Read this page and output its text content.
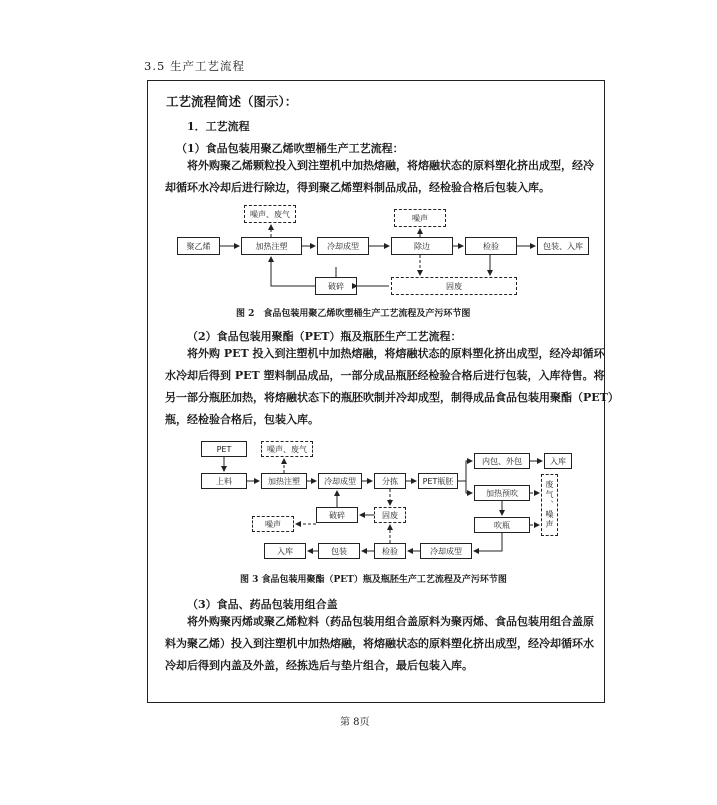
3.5 生产工艺流程
工艺流程简述（图示）：
1．工艺流程
（1）食品包装用聚乙烯吹塑桶生产工艺流程：
将外购聚乙烯颗粒投入到注塑机中加热熔融，将熔融状态的原料塑化挤出成型，经冷
却循环水冷却后进行除边，得到聚乙烯塑料制品成品，经检验合格后包装入库。
噪声、废气	噪声
聚乙烯	加热注塑	冷却成型	除边	检验	包装、入库
破碎	固废
图 2　食品包装用聚乙烯吹塑桶生产工艺流程及产污环节图
（2）食品包装用聚酯（PET）瓶及瓶胚生产工艺流程：
将外购 PET 投入到注塑机中加热熔融，将熔融状态的原料塑化挤出成型，经冷却循环
水冷却后得到 PET 塑料制品成品，一部分成品瓶胚经检验合格后进行包装，入库待售。将
另一部分瓶胚加热，将熔融状态下的瓶胚吹制并冷却成型，制得成品食品包装用聚酯（PET）
瓶，经检验合格后，包装入库。
PET	噪声、废气
内包、外包	入库
上料	加热注塑	冷却成型	分拣	PET瓶胚
加热预吹	废气、噪声
破碎	固废
噪声	吹瓶
入库	包装	检验	冷却成型
图 3 食品包装用聚酯（PET）瓶及瓶胚生产工艺流程及产污环节图
（3）食品、药品包装用组合盖
将外购聚丙烯或聚乙烯粒料（药品包装用组合盖原料为聚丙烯、食品包装用组合盖原
料为聚乙烯）投入到注塑机中加热熔融，将熔融状态的原料塑化挤出成型，经冷却循环水
冷却后得到内盖及外盖，经拣选后与垫片组合，最后包装入库。
第 8页
